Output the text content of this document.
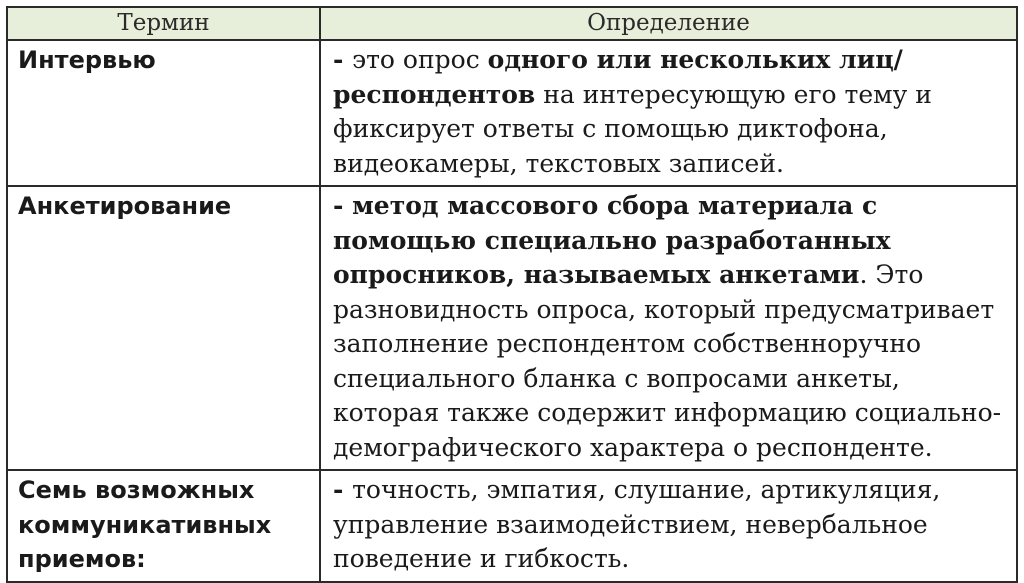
Термин	Определение
Интервью	- это опрос одного или нескольких лиц/респондентов на интересующую его тему и фиксирует ответы с помощью диктофона, видеокамеры, текстовых записей.
Анкетирование	- метод массового сбора материала с помощью специально разработанных опросников, называемых анкетами. Это разновидность опроса, который предусматривает заполнение респондентом собственноручно специального бланка с вопросами анкеты, которая также содержит информацию социально-демографического характера о респонденте.
Семь возможных коммуникативных приемов:	- точность, эмпатия, слушание, артикуляция, управление взаимодействием, невербальное поведение и гибкость.
